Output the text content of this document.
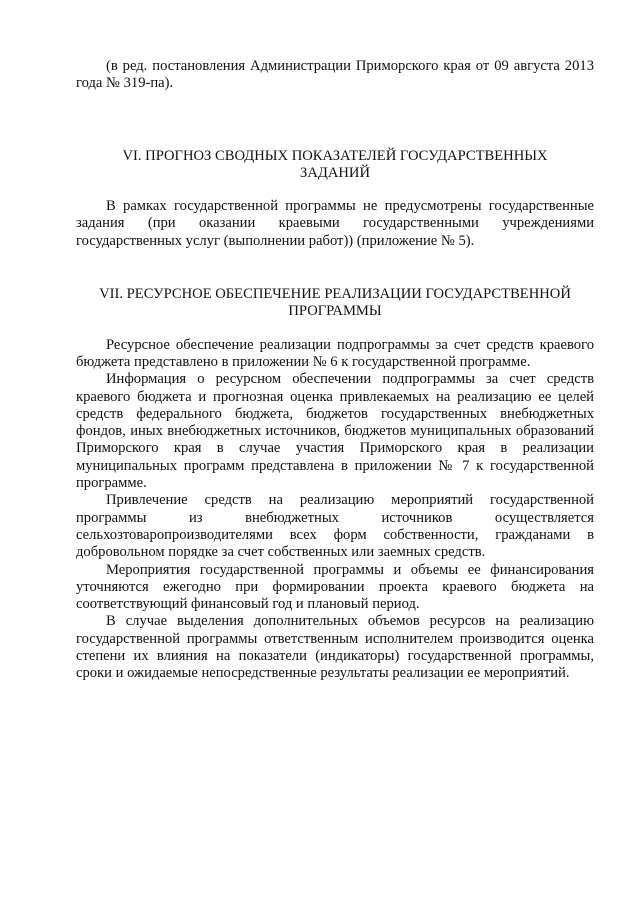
(в ред. постановления Администрации Приморского края от 09 августа 2013 года № 319-па).

VI. ПРОГНОЗ СВОДНЫХ ПОКАЗАТЕЛЕЙ ГОСУДАРСТВЕННЫХ ЗАДАНИЙ

В рамках государственной программы не предусмотрены государственные задания (при оказании краевыми государственными учреждениями государственных услуг (выполнении работ)) (приложение № 5).

VII. РЕСУРСНОЕ ОБЕСПЕЧЕНИЕ РЕАЛИЗАЦИИ ГОСУДАРСТВЕННОЙ ПРОГРАММЫ

Ресурсное обеспечение реализации подпрограммы за счет средств краевого бюджета представлено в приложении № 6 к государственной программе.

Информация о ресурсном обеспечении подпрограммы за счет средств краевого бюджета и прогнозная оценка привлекаемых на реализацию ее целей средств федерального бюджета, бюджетов государственных внебюджетных фондов, иных внебюджетных источников, бюджетов муниципальных образований Приморского края в случае участия Приморского края в реализации муниципальных программ представлена в приложении № 7 к государственной программе.

Привлечение средств на реализацию мероприятий государственной программы из внебюджетных источников осуществляется сельхозтоваропроизводителями всех форм собственности, гражданами в добровольном порядке за счет собственных или заемных средств.

Мероприятия государственной программы и объемы ее финансирования уточняются ежегодно при формировании проекта краевого бюджета на соответствующий финансовый год и плановый период.

В случае выделения дополнительных объемов ресурсов на реализацию государственной программы ответственным исполнителем производится оценка степени их влияния на показатели (индикаторы) государственной программы, сроки и ожидаемые непосредственные результаты реализации ее мероприятий.
